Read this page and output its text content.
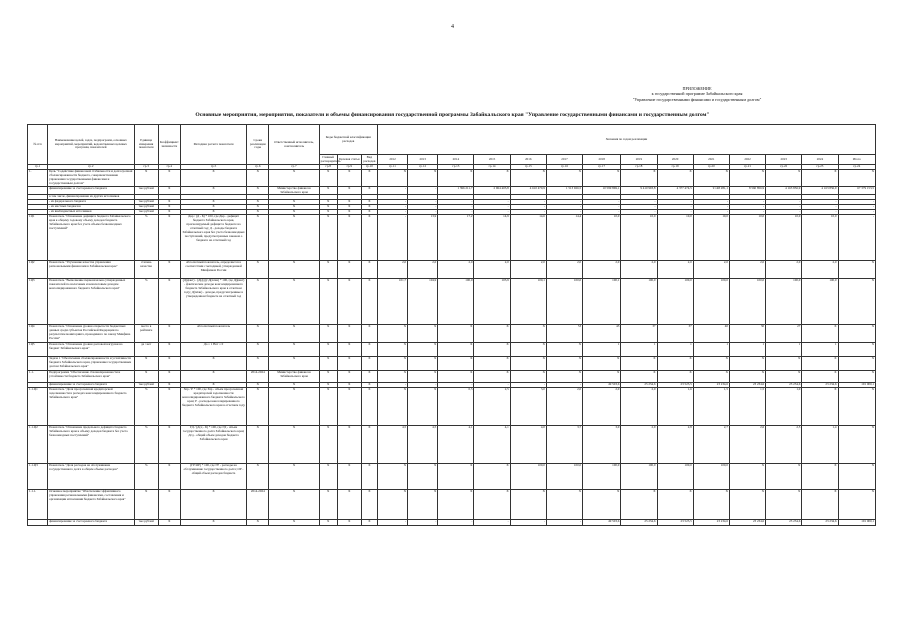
4
ПРИЛОЖЕНИЕ
к государственной программе Забайкальского края
"Управление государственными финансами и государственным долгом"
Основные мероприятия, мероприятия, показатели и объемы финансирования государственной программы Забайкальского края "Управление государственными финансами и государственным долгом"
№ п/п	Наименование целей, задач, подпрограмм, основных мероприятий, мероприятий, ведомственных целевых программ, показателей	Единица измерения показателя	Коэффициент значимости	Методика расчета показателя	Сроки реализации годы	Ответственный исполнитель, соисполнитель	Коды бюджетной классификации расходов			Значения по годам реализации													
							Главный распорядитель	Целевая статья	Вид расходов	2012	2013	2014	2015	2016	2017	2018	2019	2020	2021	2022	2023	2024	Итого
гр.1	гр.2	гр.3	гр.4	гр.5	гр.6	гр.7	гр.8	гр.9	гр.10	гр.11	гр.12	гр.13	гр.14	гр.15	гр.16	гр.17	гр.18	гр.19	гр.20	гр.21	гр.22	гр.23	гр.24
1.	Цель "Содействие финансовой стабильности и долгосрочной сбалансированности бюджета, совершенствование управления государственными финансами и государственным долгом"	X	X	X	X	X	X	X	X	X	X	X	X	X	X	X	X	X	X	X	X	X	X
	финансирование за счет краевого бюджета	тыс.рублей	X	X	X	Министерство финансов Забайкальского края	X	X	X	-	-	1 396 211,7	2 964 403,8	4 610 470,9	1 513 926,5	10 599 869,1	9 410 993,8	4 377 474,5	9 148 281,1	8 560 856,9	4 163 856,9	4 163 856,9	67 379 153,5
	в том числе, финансирование из других источников																						
	- из федерального бюджета	тыс.рублей	X	X	X	X	X	X	X	-	-	-	-	-	-	-	-	-	-	-	-	-	-
	- из местных бюджетов	тыс.рублей	X	X	X	X	X	X	X	-	-	-	-	-	-	-	-	-	-	-	-	-	-
	- из внебюджетных источников	тыс.рублей	X	X	X	X	X	X	X	-	-	-	-	-	-	-	-	-	-	-	-	-	-
1Ц1	Показатель "Отношение дефицита бюджета Забайкальского края к общему годовому объему доходов бюджета Забайкальского края без учета объема безвозмездных поступлений"	%	X	Дкр / (Д - Б) * 100, где Дкр - дефицит бюджета Забайкальского края, прогнозируемый дефицит в бюджете на отчетный год; Д - доходы бюджета Забайкальского края без учета безвозмездных поступлений, предусмотренные законом о бюджете на отчетный год	X	X	X	X	X	-	13,9	17,2	14,9	14,6	14,4	10,0	10,0	10,0	10,0	10,0	10,0	10,0	-
1Ц2	Показатель "Улучшение качества управления региональными финансами в Забайкальском крае"	степень качества	X	Абсолютный показатель, определяется в соответствии с методикой, утвержденной Минфином России	X	X	X	X	X	2,0	2,0	2,0	2,0	2,0	2,0	2,0	2,0	2,0	2,0	2,0	2,0	2,0	X
1Ц3	Показатель "Выполнение первоначально утвержденных показателей по налоговым и неналоговым доходам консолидированного бюджета Забайкальского края"	%	X	(Д(факт) - (Д(ф)))/ Д(план) * 100, где Д(факт) - фактические доходы консолидированного бюджета Забайкальского края в отчетном году; Д(план) - доходы, предусмотренные в утвержденном бюджете на отчетный год	X	X	X	X	X	101,7	104,9	100,0	103,9	100,1	100,0	100,1	100,0	100,0	100,0	100,0	100,0	100,0	X
1Ц4	Показатель "Отношение уровня открытости бюджетных данных среди субъектов Российской Федерации по результатам мониторинга, проводимого по заказу Минфина России"	место в рейтинге	X	Абсолютный показатель	X	X	X	X	X	X	X	X	X	X	53	43	37	37	40	30	27	X	X
1Ц5	Показатель "Отношение уровня долговой нагрузки на бюджет Забайкальского края"	да / нет	X	Да = 1 Нет = 0	X	X	X	X	X	X	X	X	X	X	X	1	1	1	1	1	1	1	X
	Задача 1 "Обеспечение сбалансированности и устойчивости бюджета Забайкальского края, управление государственным долгом Забайкальского края"	X	X	X	X	X	X	X	X	X	X	X	X	X	X	X	X	X	X	X	X	X	X
1.1.	Подпрограмма "Обеспечение сбалансированности и устойчивости бюджета Забайкальского края"	X	X	X	2014-2024	Министерство финансов Забайкальского края	X	X	X	X	X	X	X	X	X	X	X	X	X	X	X	X	X
	финансирование за счет краевого бюджета	тыс.рублей	X	X	X	X	X	X	X	-	-	-	-	-	-	49 503,6	25 234,6	23 523,5	23 234,6	23 234,6	23 234,6	23 234,6	191 000,1
1.1.Ц1	Показатель "Доля просроченной кредиторской задолженности в расходах консолидированного бюджета Забайкальского края"	%	X	Зпр / Р * 100, где Зпр - объем просроченной кредиторской задолженности консолидированного бюджета Забайкальского края; Р - расходы консолидированного бюджета Забайкальского края в отчетном году	X	X	X	X	X	X	X	0,5	2,5	3,0	2,0	2,0	2,0	1,6	1,5	1,5	1,0	X	X
1.1.Ц2	Показатель "Отношение предельного дефицита бюджета Забайкальского края к объему доходов бюджета без учета безвозмездных поступлений"	%	X	ГД / (Дсд - Б) * 100, где ГД - объем государственного долга Забайкальского края; Дсд - общий объем доходов бюджета Забайкальского края	X	X	X	X	X	4,5	4,5	4,1	4,1	4,0	3,7	3,0	2,9	2,8	2,7	2,6	2,5	1,4	X
1.1.Ц3	Показатель "Доля расходов на обслуживание государственного долга в общем объеме расходов"	%	X	(ГР/ОР) * 100, где ГР - расходы на обслуживание государственного долга; ОР - общий объем расходов бюджета	X	X	X	X	X	X	X	X	X	100,0	100,0	100,0	100,0	100,0	100,0	X	X	X	X
1.1.1.	Основное мероприятие "Обеспечение эффективного управления региональными финансами, составления и организации исполнения бюджета Забайкальского края"	X	X	X	2014-2024	X	X	X	X	X	X	X	X	X	X	X	X	X	X	X	X	X	X
	финансирование за счет краевого бюджета	тыс.рублей	X	X	X	X	X	X	X	-	-	-	-	-	-	49 503,6	25 234,6	23 523,5	23 234,6	23 234,6	23 234,6	23 234,6	191 000,1
